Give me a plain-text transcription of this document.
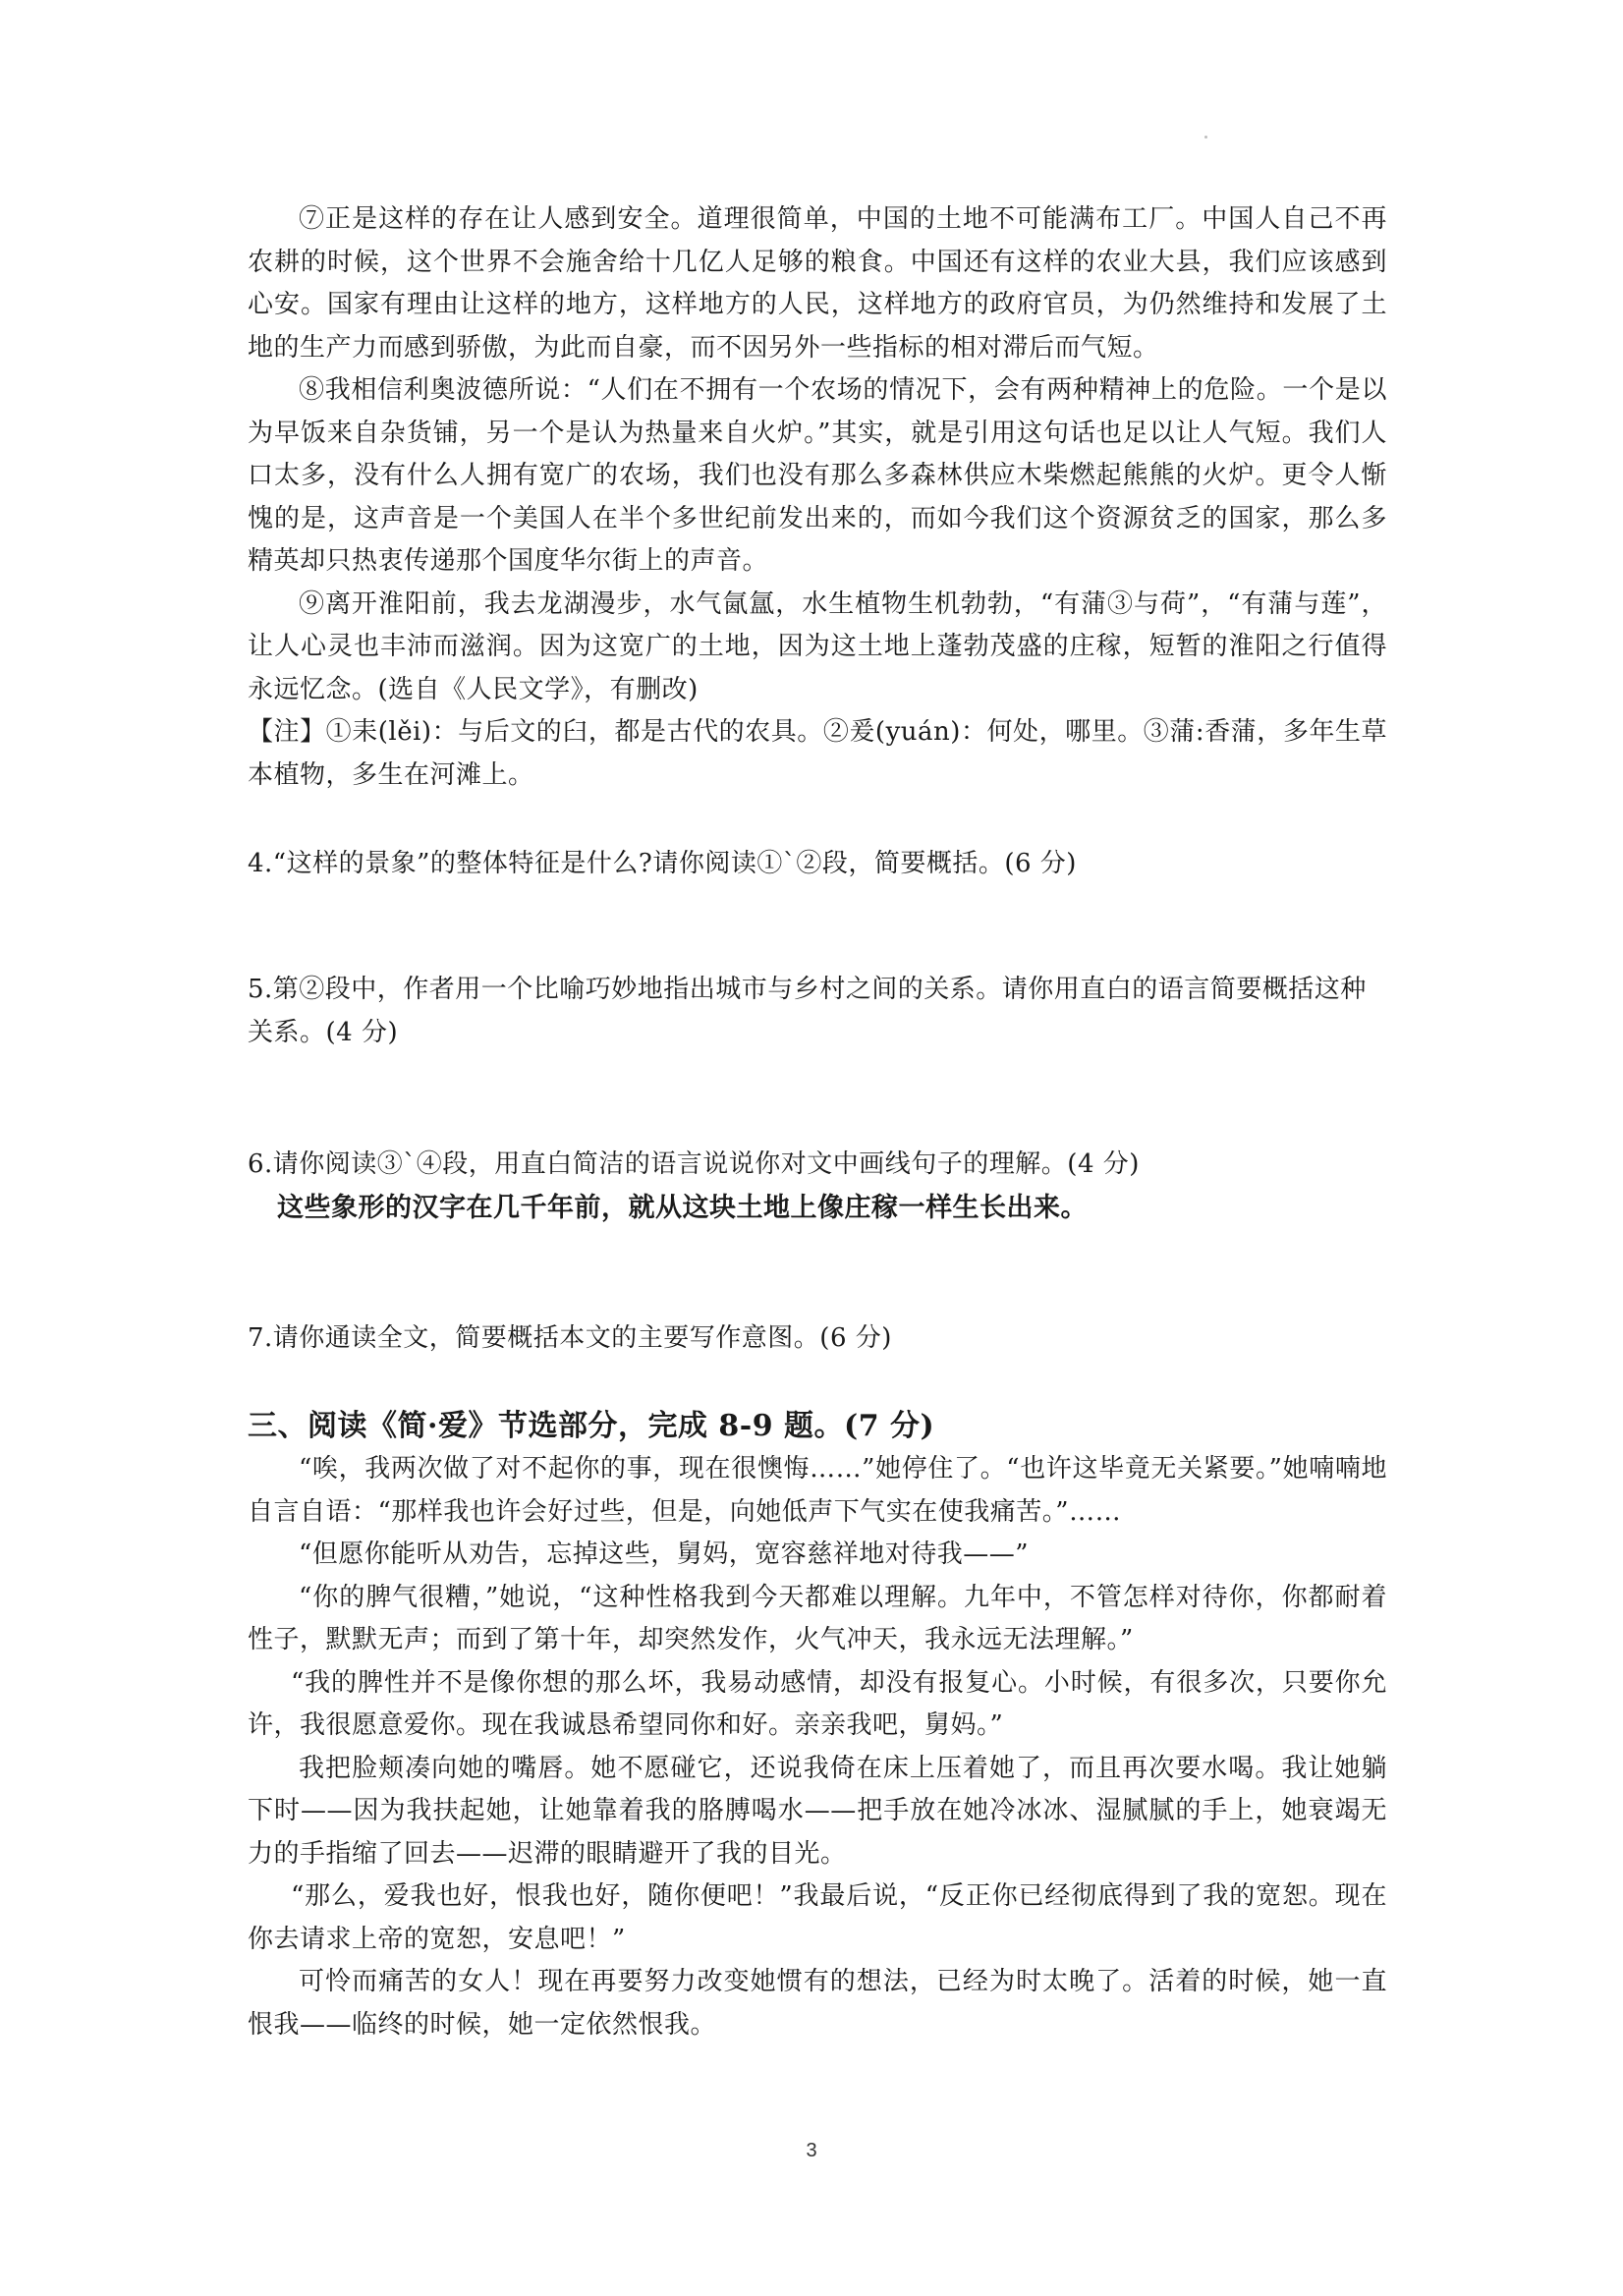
⑦正是这样的存在让人感到安全。道理很简单，中国的土地不可能满布工厂。中国人自己不再农耕的时候，这个世界不会施舍给十几亿人足够的粮食。中国还有这样的农业大县，我们应该感到心安。国家有理由让这样的地方，这样地方的人民，这样地方的政府官员，为仍然维持和发展了土地的生产力而感到骄傲，为此而自豪，而不因另外一些指标的相对滞后而气短。

⑧我相信利奥波德所说：“人们在不拥有一个农场的情况下，会有两种精神上的危险。一个是以为早饭来自杂货铺，另一个是认为热量来自火炉。”其实，就是引用这句话也足以让人气短。我们人口太多，没有什么人拥有宽广的农场，我们也没有那么多森林供应木柴燃起熊熊的火炉。更令人惭愧的是，这声音是一个美国人在半个多世纪前发出来的，而如今我们这个资源贫乏的国家，那么多精英却只热衷传递那个国度华尔街上的声音。

⑨离开淮阳前，我去龙湖漫步，水气氤氲，水生植物生机勃勃，“有蒲③与荷”，“有蒲与莲”，让人心灵也丰沛而滋润。因为这宽广的土地，因为这土地上蓬勃茂盛的庄稼，短暂的淮阳之行值得永远忆念。(选自《人民文学》，有删改)

【注】①耒(lěi)：与后文的臼，都是古代的农具。②爰(yuán)：何处，哪里。③蒲:香蒲，多年生草本植物，多生在河滩上。

4.“这样的景象”的整体特征是什么?请你阅读①`②段，简要概括。(6 分)

5.第②段中，作者用一个比喻巧妙地指出城市与乡村之间的关系。请你用直白的语言简要概括这种关系。(4 分)

6.请你阅读③`④段，用直白简洁的语言说说你对文中画线句子的理解。(4 分)

这些象形的汉字在几千年前，就从这块土地上像庄稼一样生长出来。

7.请你通读全文，简要概括本文的主要写作意图。(6 分)

三、阅读《简·爱》节选部分，完成 8-9 题。(7 分)

“唉，我两次做了对不起你的事，现在很懊悔……”她停住了。“也许这毕竟无关紧要。”她喃喃地自言自语：“那样我也许会好过些，但是，向她低声下气实在使我痛苦。”……

“但愿你能听从劝告，忘掉这些，舅妈，宽容慈祥地对待我——”

“你的脾气很糟，”她说，“这种性格我到今天都难以理解。九年中，不管怎样对待你，你都耐着性子，默默无声；而到了第十年，却突然发作，火气冲天，我永远无法理解。”

“我的脾性并不是像你想的那么坏，我易动感情，却没有报复心。小时候，有很多次，只要你允许，我很愿意爱你。现在我诚恳希望同你和好。亲亲我吧，舅妈。”

我把脸颊凑向她的嘴唇。她不愿碰它，还说我倚在床上压着她了，而且再次要水喝。我让她躺下时——因为我扶起她，让她靠着我的胳膊喝水——把手放在她冷冰冰、湿腻腻的手上，她衰竭无力的手指缩了回去——迟滞的眼睛避开了我的目光。

“那么，爱我也好，恨我也好，随你便吧！”我最后说，“反正你已经彻底得到了我的宽恕。现在你去请求上帝的宽恕，安息吧！”

可怜而痛苦的女人！现在再要努力改变她惯有的想法，已经为时太晚了。活着的时候，她一直恨我——临终的时候，她一定依然恨我。

3
